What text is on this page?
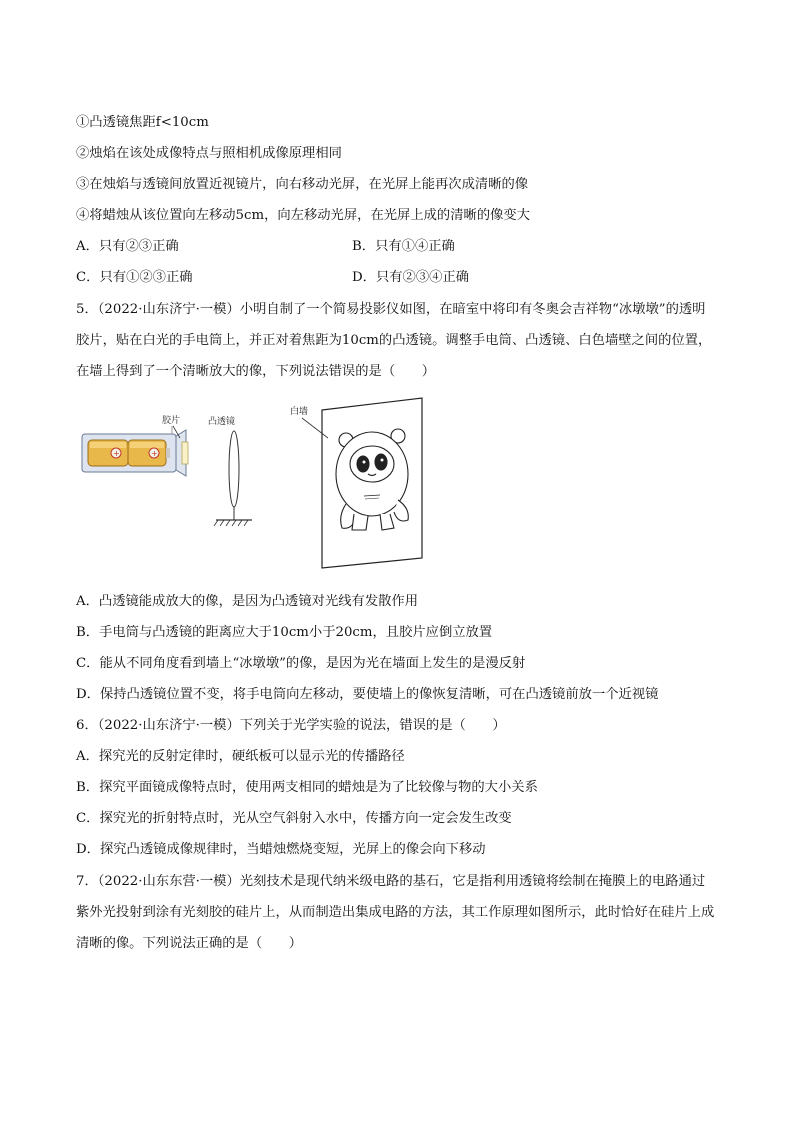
①凸透镜焦距f<10cm
②烛焰在该处成像特点与照相机成像原理相同
③在烛焰与透镜间放置近视镜片，向右移动光屏，在光屏上能再次成清晰的像
④将蜡烛从该位置向左移动5cm，向左移动光屏，在光屏上成的清晰的像变大
A．只有②③正确	B．只有①④正确
C．只有①②③正确	D．只有②③④正确
5．（2022·山东济宁·一模）小明自制了一个简易投影仪如图，在暗室中将印有冬奥会吉祥物“冰墩墩”的透明胶片，贴在白光的手电筒上，并正对着焦距为10cm的凸透镜。调整手电筒、凸透镜、白色墙壁之间的位置，在墙上得到了一个清晰放大的像，下列说法错误的是（　　）
+	+
胶片	凸透镜
白墙
A．凸透镜能成放大的像，是因为凸透镜对光线有发散作用
B．手电筒与凸透镜的距离应大于10cm小于20cm，且胶片应倒立放置
C．能从不同角度看到墙上“冰墩墩”的像，是因为光在墙面上发生的是漫反射
D．保持凸透镜位置不变，将手电筒向左移动，要使墙上的像恢复清晰，可在凸透镜前放一个近视镜
6．（2022·山东济宁·一模）下列关于光学实验的说法，错误的是（　　）
A．探究光的反射定律时，硬纸板可以显示光的传播路径
B．探究平面镜成像特点时，使用两支相同的蜡烛是为了比较像与物的大小关系
C．探究光的折射特点时，光从空气斜射入水中，传播方向一定会发生改变
D．探究凸透镜成像规律时，当蜡烛燃烧变短，光屏上的像会向下移动
7．（2022·山东东营·一模）光刻技术是现代纳米级电路的基石，它是指利用透镜将绘制在掩膜上的电路通过紫外光投射到涂有光刻胶的硅片上，从而制造出集成电路的方法，其工作原理如图所示，此时恰好在硅片上成清晰的像。下列说法正确的是（　　）
